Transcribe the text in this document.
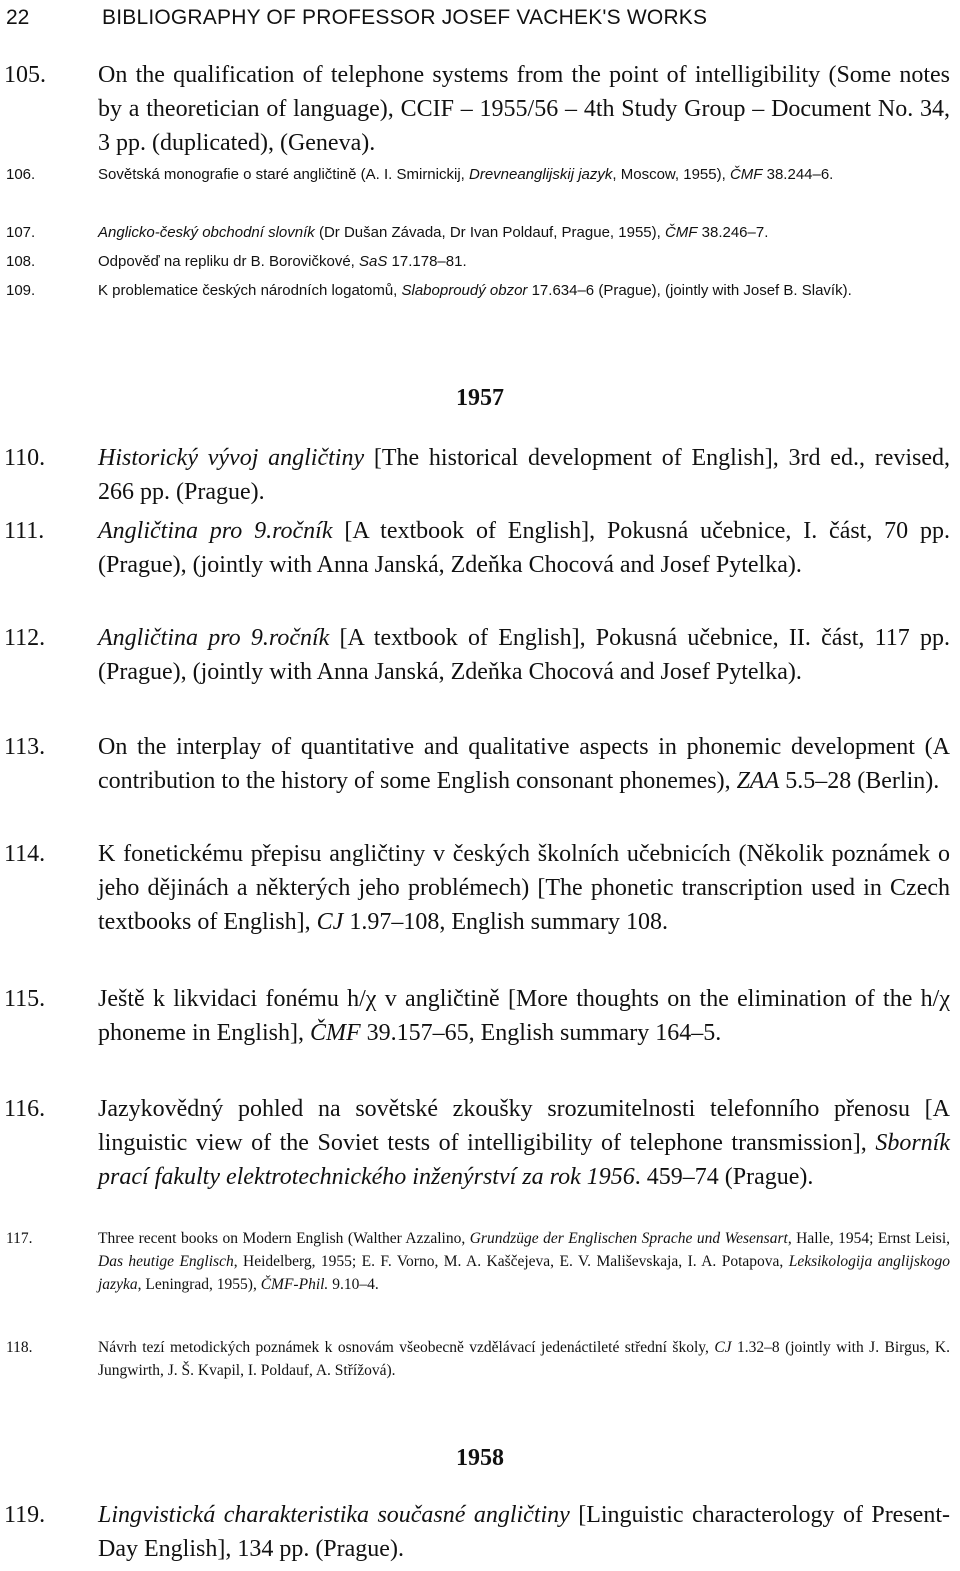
22	BIBLIOGRAPHY OF PROFESSOR JOSEF VACHEK'S WORKS
105. On the qualification of telephone systems from the point of intelligibility (Some notes by a theoretician of language), CCIF – 1955/56 – 4th Study Group – Document No. 34, 3 pp. (duplicated), (Geneva).
106.	Sovětská monografie o staré angličtině (A. I. Smirnickij, Drevneanglijskij jazyk, Moscow, 1955), ČMF 38.244–6.
107.	Anglicko-český obchodní slovník (Dr Dušan Závada, Dr Ivan Poldauf, Prague, 1955), ČMF 38.246–7.
108.	Odpověď na repliku dr B. Borovičkové, SaS 17.178–81.
109.	K problematice českých národních logatomů, Slaboproudý obzor 17.634–6 (Prague), (jointly with Josef B. Slavík).
1957
110. Historický vývoj angličtiny [The historical development of English], 3rd ed., revised, 266 pp. (Prague).
111. Angličtina pro 9.ročník [A textbook of English], Pokusná učebnice, I. část, 70 pp. (Prague), (jointly with Anna Janská, Zdeňka Chocová and Josef Pytelka).
112. Angličtina pro 9.ročník [A textbook of English], Pokusná učebnice, II. část, 117 pp. (Prague), (jointly with Anna Janská, Zdeňka Chocová and Josef Pytelka).
113. On the interplay of quantitative and qualitative aspects in phonemic development (A contribution to the history of some English consonant phonemes), ZAA 5.5–28 (Berlin).
114. K fonetickému přepisu angličtiny v českých školních učebnicích (Několik poznámek o jeho dějinách a některých jeho problémech) [The phonetic transcription used in Czech textbooks of English], CJ 1.97–108, English summary 108.
115. Ještě k likvidaci fonému h/χ v angličtině [More thoughts on the elimination of the h/χ phoneme in English], ČMF 39.157–65, English summary 164–5.
116. Jazykovědný pohled na sovětské zkoušky srozumitelnosti telefonního přenosu [A linguistic view of the Soviet tests of intelligibility of telephone transmission], Sborník prací fakulty elektrotechnického inženýrství za rok 1956. 459–74 (Prague).
117.	Three recent books on Modern English (Walther Azzalino, Grundzüge der Englischen Sprache und Wesensart, Halle, 1954; Ernst Leisi, Das heutige Englisch, Heidelberg, 1955; E. F. Vorno, M. A. Kaščejeva, E. V. Mališevskaja, I. A. Potapova, Leksikologija anglijskogo jazyka, Leningrad, 1955), ČMF-Phil. 9.10–4.
118.	Návrh tezí metodických poznámek k osnovám všeobecně vzdělávací jedenáctileté střední školy, CJ 1.32–8 (jointly with J. Birgus, K. Jungwirth, J. Š. Kvapil, I. Poldauf, A. Střížová).
1958
119. Lingvistická charakteristika současné angličtiny [Linguistic characterology of Present-Day English], 134 pp. (Prague).
